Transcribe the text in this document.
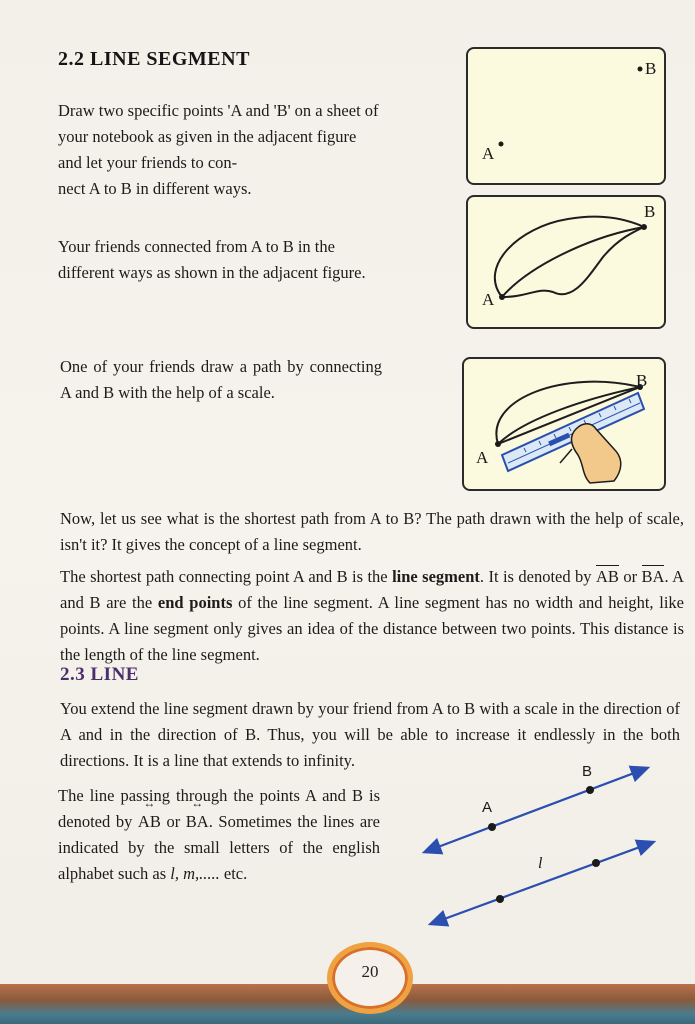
2.2 LINE SEGMENT
Draw two specific points 'A and 'B' on a sheet of your notebook as given in the adjacent figure and let your friends to con-
nect A to B in different ways.
B
A
Your friends connected from A to B in the different ways as shown in the adjacent figure.
B
A
One of your friends draw a path by connecting A and B with the help of a scale.
B
A
Now, let us see what is the shortest path from A to B? The path drawn with the help of scale, isn't it? It gives the concept of a line segment.
The shortest path connecting point A and B is the line segment. It is denoted by AB or BA. A and B are the end points of the line segment. A line segment has no width and height, like points. A line segment only gives an idea of the distance between two points. This distance is the length of the line segment.
2.3 LINE
You extend the line segment drawn by your friend from A to B with a scale in the direction of A and in the direction of B. Thus, you will be able to increase it endlessly in the both directions. It is a line that extends to infinity.
The line passing through the points A and B is denoted by ↔ AB or ↔ BA. Sometimes the lines are indicated by the small letters of the english alphabet such as l, m,..... etc.
A
B
l
20
